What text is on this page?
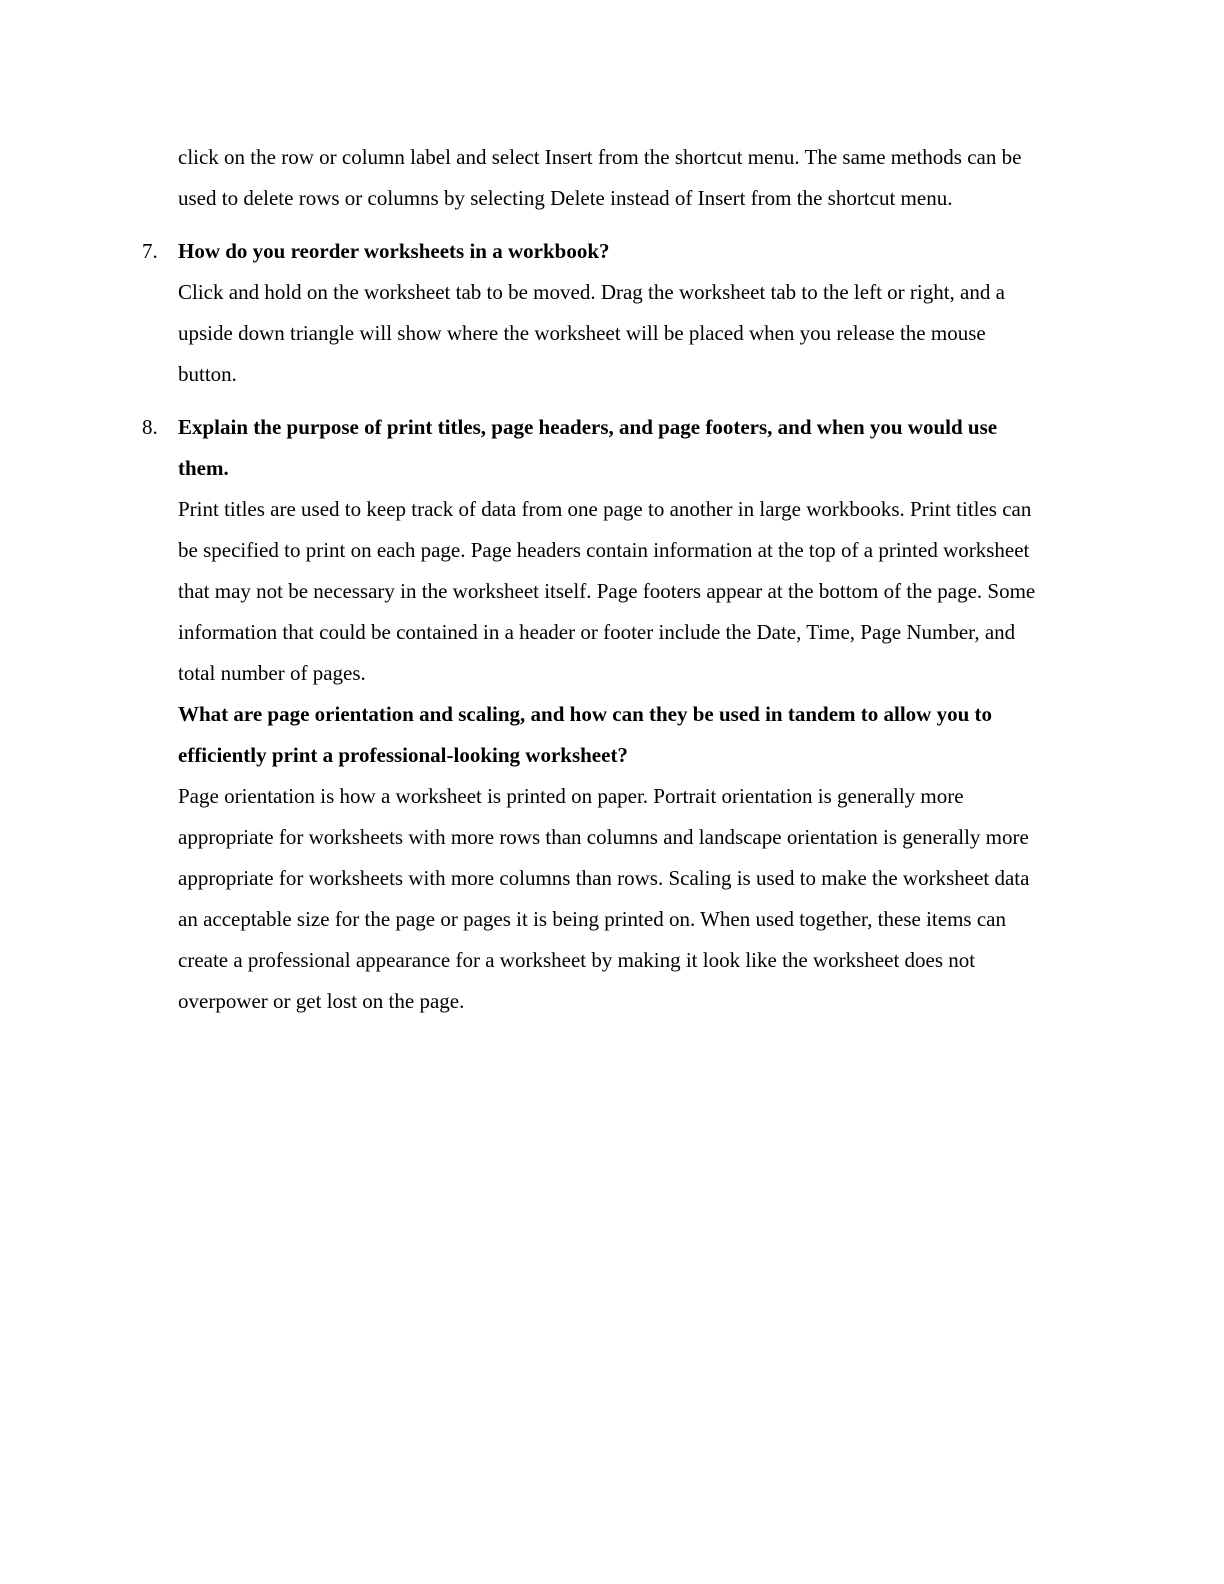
click on the row or column label and select Insert from the shortcut menu. The same methods can be used to delete rows or columns by selecting Delete instead of Insert from the shortcut menu.

7. How do you reorder worksheets in a workbook?

Click and hold on the worksheet tab to be moved. Drag the worksheet tab to the left or right, and a upside down triangle will show where the worksheet will be placed when you release the mouse button.

8. Explain the purpose of print titles, page headers, and page footers, and when you would use them.

Print titles are used to keep track of data from one page to another in large workbooks. Print titles can be specified to print on each page. Page headers contain information at the top of a printed worksheet that may not be necessary in the worksheet itself. Page footers appear at the bottom of the page. Some information that could be contained in a header or footer include the Date, Time, Page Number, and total number of pages.

What are page orientation and scaling, and how can they be used in tandem to allow you to efficiently print a professional-looking worksheet?

Page orientation is how a worksheet is printed on paper. Portrait orientation is generally more appropriate for worksheets with more rows than columns and landscape orientation is generally more appropriate for worksheets with more columns than rows. Scaling is used to make the worksheet data an acceptable size for the page or pages it is being printed on. When used together, these items can create a professional appearance for a worksheet by making it look like the worksheet does not overpower or get lost on the page.
